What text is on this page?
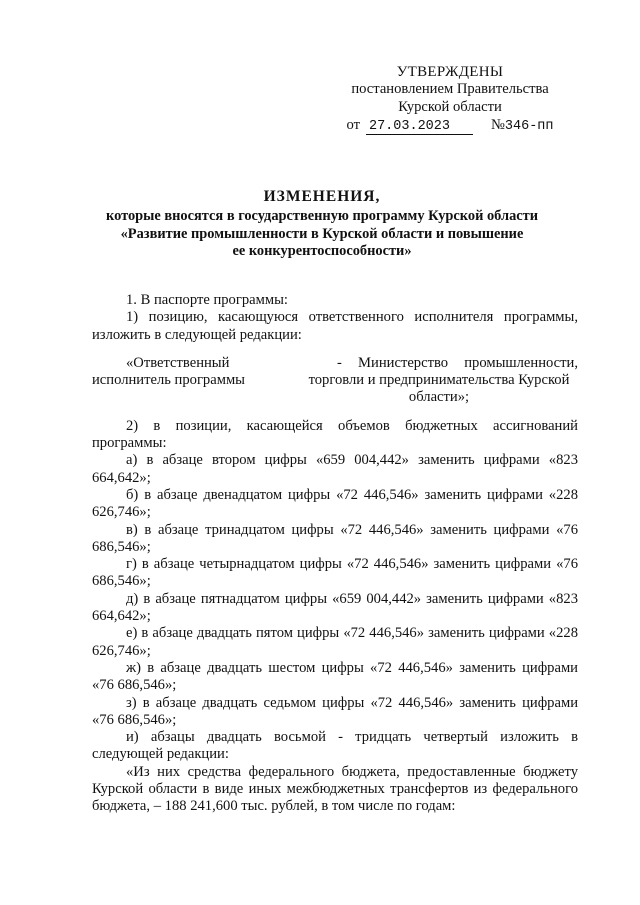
УТВЕРЖДЕНЫ
постановлением Правительства
Курской области
от 27.03.2023	№ 346-пп
ИЗМЕНЕНИЯ,
которые вносятся в государственную программу Курской области
«Развитие промышленности в Курской области и повышение
ее конкурентоспособности»

1. В паспорте программы:

1) позицию, касающуюся ответственного исполнителя программы, изложить в следующей редакции:

«Ответственный
исполнитель программы
- Министерство промышленности,
торговли и предпринимательства Курской
области»;

2) в позиции, касающейся объемов бюджетных ассигнований программы:

а) в абзаце втором цифры «659 004,442» заменить цифрами «823 664,642»;

б) в абзаце двенадцатом цифры «72 446,546» заменить цифрами «228 626,746»;

в) в абзаце тринадцатом цифры «72 446,546» заменить цифрами «76 686,546»;

г) в абзаце четырнадцатом цифры «72 446,546» заменить цифрами «76 686,546»;

д) в абзаце пятнадцатом цифры «659 004,442» заменить цифрами «823 664,642»;

е) в абзаце двадцать пятом цифры «72 446,546» заменить цифрами «228 626,746»;

ж) в абзаце двадцать шестом цифры «72 446,546» заменить цифрами «76 686,546»;

з) в абзаце двадцать седьмом цифры «72 446,546» заменить цифрами «76 686,546»;

и) абзацы двадцать восьмой - тридцать четвертый изложить в следующей редакции:

«Из них средства федерального бюджета, предоставленные бюджету Курской области в виде иных межбюджетных трансфертов из федерального бюджета, – 188 241,600 тыс. рублей, в том числе по годам:
